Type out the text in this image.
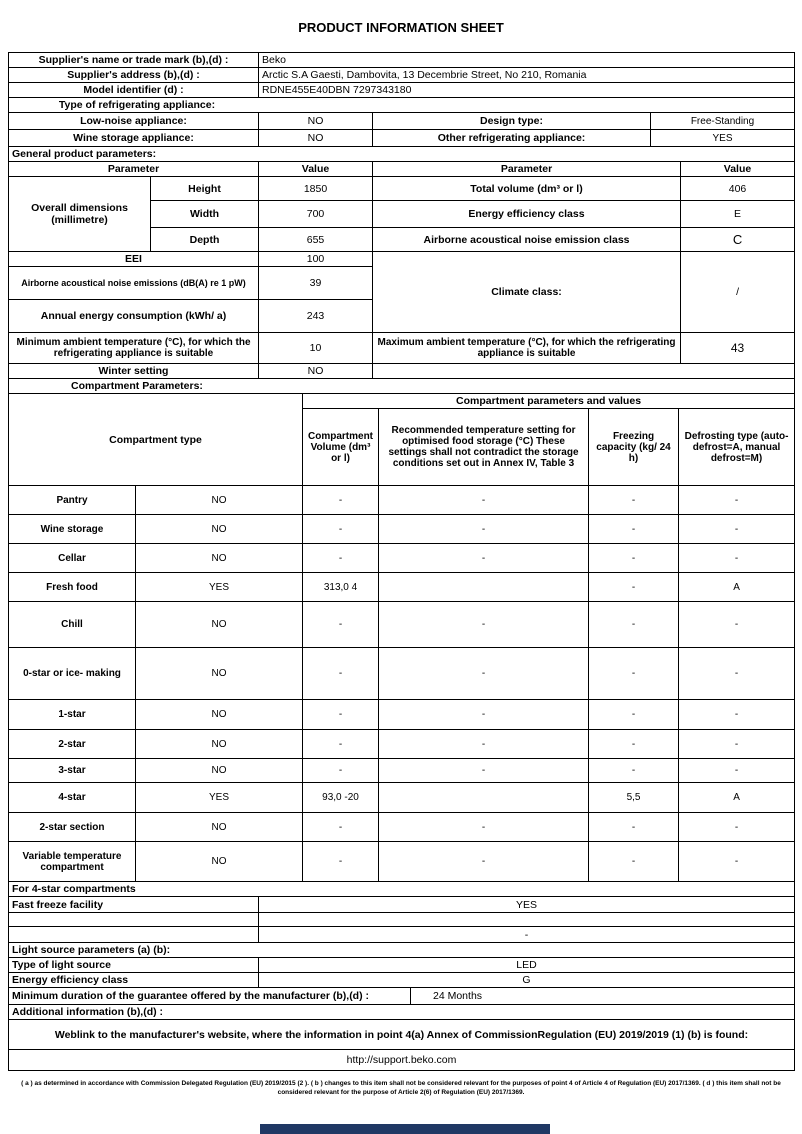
PRODUCT INFORMATION SHEET
Supplier's name or trade mark (b),(d) :	Beko		
Supplier's address (b),(d) :	Arctic S.A Gaesti, Dambovita, 13 Decembrie Street, No 210, Romania		
Model identifier (d) :	RDNE455E40DBN 7297343180		

Type of refrigerating appliance:			

Low-noise appliance:	NO	Design type:	Free-Standing
Wine storage appliance:	NO	Other refrigerating appliance:	YES
General product parameters:				
Parameter		Value	Parameter	Value
Overall dimensions (millimetre)	Height	1850	Total volume (dm³ or l)	406
	Width	700	Energy efficiency class	E
	Depth	655	Airborne acoustical noise emission class	C
EEI		100	Climate class:	/
Airborne acoustical noise emissions (dB(A) re 1 pW)		39		
Annual energy consumption (kWh/ a)		243		
Minimum ambient temperature (°C), for which the refrigerating appliance is suitable		10	Maximum ambient temperature (°C), for which the refrigerating appliance is suitable	43
Winter setting		NO		

Compartment Parameters:				
Compartment type		Compartment parameters and values			
		Compartment Volume (dm³ or l)	Recommended temperature setting for optimised food storage (°C) These settings shall not contradict the storage conditions set out in Annex IV, Table 3	Freezing capacity (kg/ 24 h)	Defrosting type (auto-defrost=A, manual defrost=M)
Pantry	NO	-	-	-	-
Wine storage	NO	-	-	-	-
Cellar	NO	-	-	-	-
Fresh food	YES	313,0 4		-	A
Chill	NO	-	-	-	-
0-star or ice- making	NO	-	-	-	-
1-star	NO	-	-	-	-
2-star	NO	-	-	-	-
3-star	NO	-	-	-	-
4-star	YES	93,0 -20		5,5	A
2-star section	NO	-	-	-	-
Variable temperature compartment	NO	-	-	-	-
For 4-star compartments		
Fast freeze facility	YES	

	-	
Light source parameters (a) (b):		
Type of light source	LED	
Energy efficiency class	G	
Minimum duration of the guarantee offered by the manufacturer (b),(d) :		24 Months
Additional information (b),(d) :		
Weblink to the manufacturer's website, where the information in point 4(a) Annex of CommissionRegulation (EU) 2019/2019 (1) (b) is found:		
http://support.beko.com		
( a ) as determined in accordance with Commission Delegated Regulation (EU) 2019/2015 (2 ). ( b ) changes to this item shall not be considered relevant for the purposes of point 4 of Article 4 of Regulation (EU) 2017/1369. ( d ) this item shall not be considered relevant for the purpose of Article 2(6) of Regulation (EU) 2017/1369.
